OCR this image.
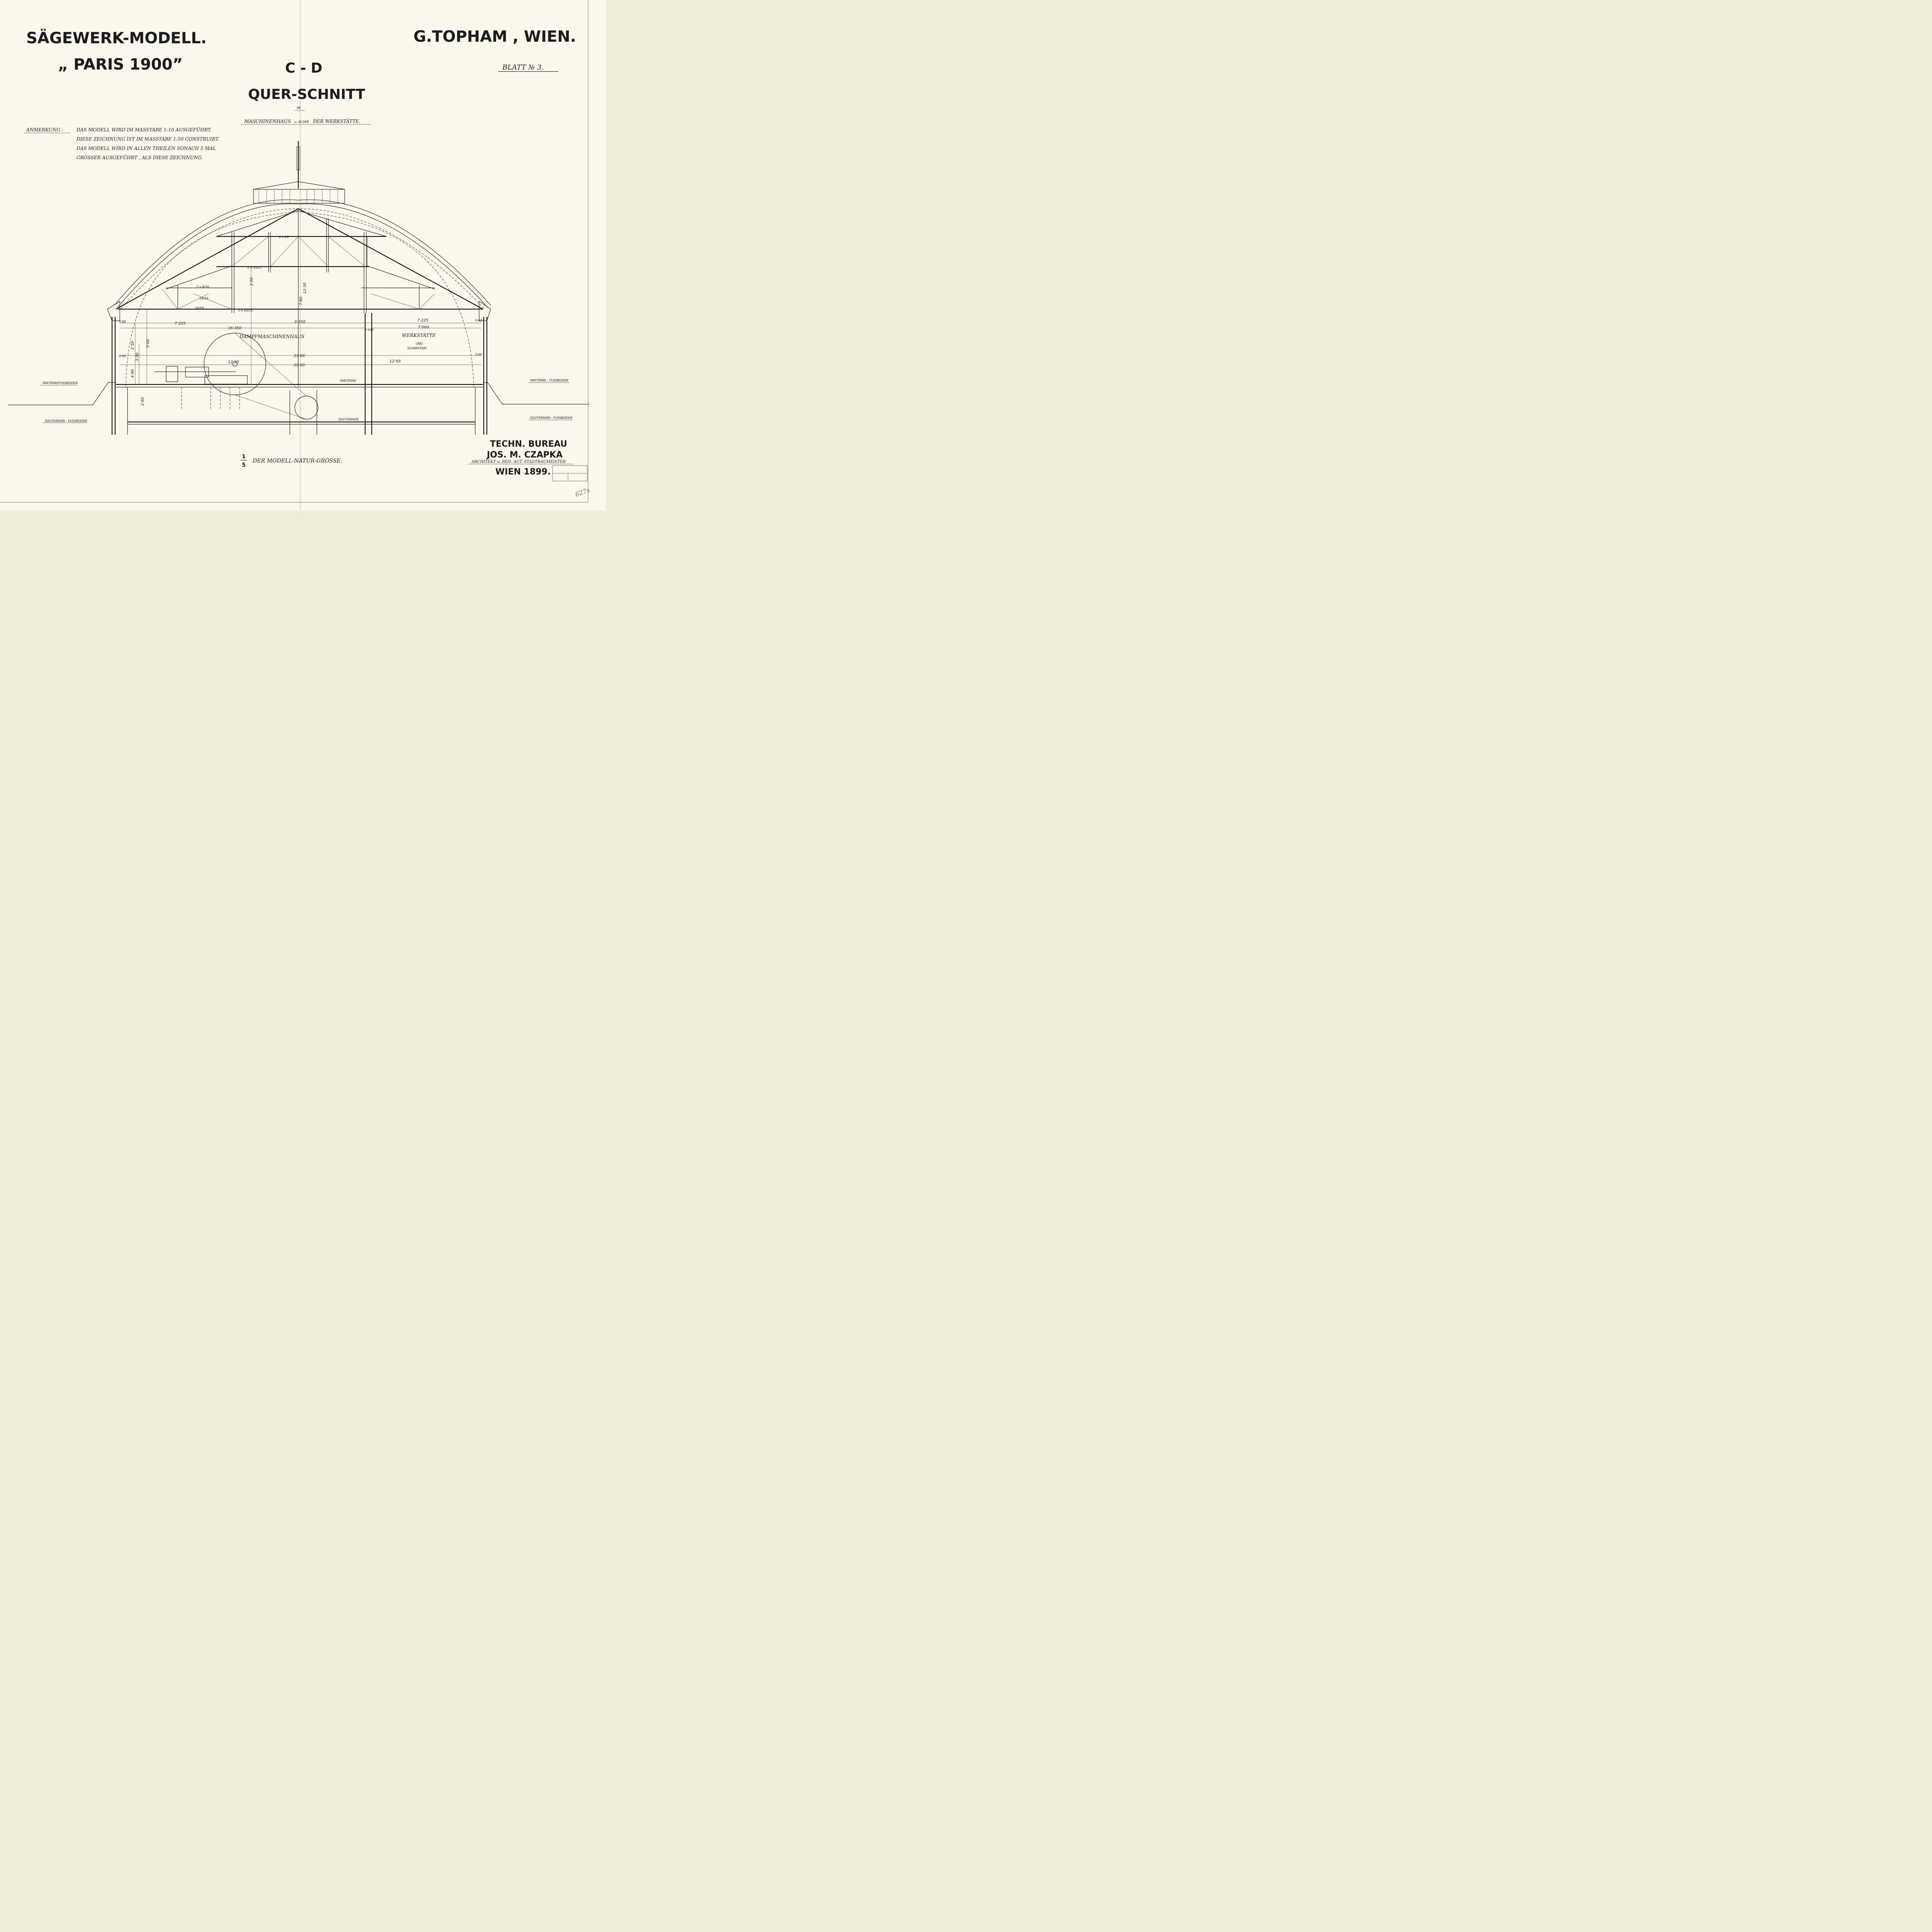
SÄGEWERK-MODELL.
„ PARIS 1900”
G.TOPHAM , WIEN.
BLATT № 3.
C - D
QUER-SCHNITT
IM
MASCHINENHAUS u. IN DER DER WERKSTÄTTE.
ANMERKUNG :	DAS MODELL WIRD IM MASSTABE 1:10 AUSGEFÜHRT.
DIESE ZEICHNUNG IST IM MASSTABE 1:50 CONSTRUIRT.
DAS MODELL WIRD IN ALLEN THEILEN SONACH 5 MAL
GRÖSSER AUSGEFÜHRT , ALS DIESE ZEICHNUNG.
DAMPFMASCHINENHAUS	WERKSTÄTTE
UND
SCHÄRFEREI
PARTERREFUSSBODEN
PARTERRE - FUSSBODEN
PARTERRE
SOUTERRAIN - FUSSBODEN
SOUTERRAIN - FUSSBODEN
SOUTERRAIN
7·225	9·350	7·225
16·350	7·000
23·80
25·00
12·50	12·50
0·60	0·60
0·60	0·60
0·450
5·00
2·50
3·30
4·00
2·60
12·30
7·80
3·50
2 x 10/21
2 x 8/16
2 x 10
16/18
16/16
2 x 16/16
1
5
DER MODELL-NATUR-GRÖSSE.
TECHN. BUREAU
JOS. M. CZAPKA
ARCHITEKT u. BEH. AUT. STADTBAUMEISTER
WIEN 1899.
627s
